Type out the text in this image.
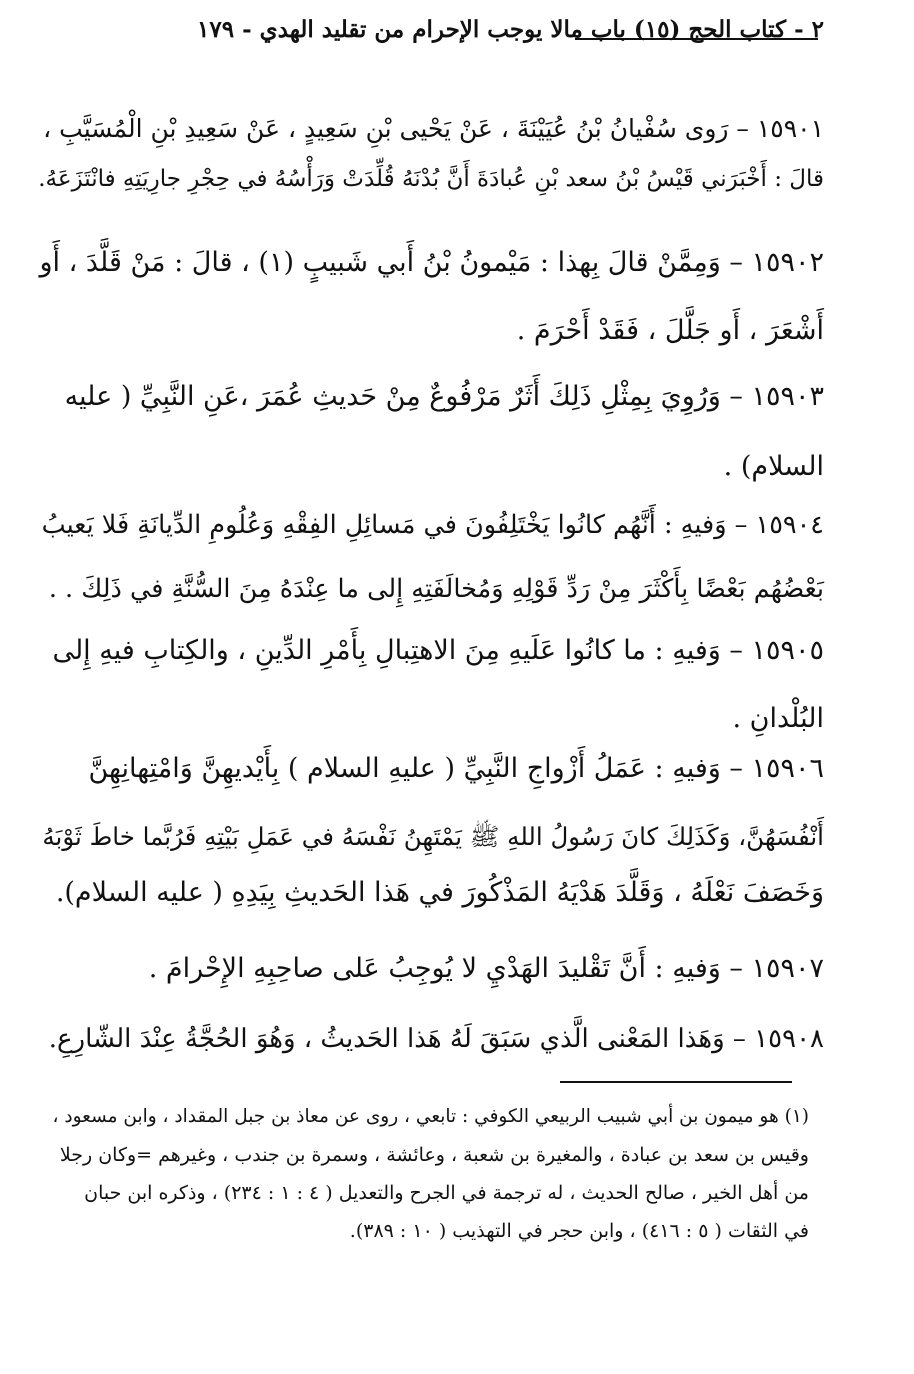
٢ - كتاب الحج (١٥) باب مالا يوجب الإحرام من تقليد الهدي - ١٧٩
١٥٩٠١ – رَوى سُفْيانُ بْنُ عُيَيْنَةَ ، عَنْ يَحْيى بْنِ سَعِيدٍ ، عَنْ سَعِيدِ بْنِ الْمُسَيَّبِ ،
قالَ : أَخْبَرَني قَيْسُ بْنُ سعد بْنِ عُبادَةَ أَنَّ بُدْنَهُ قُلِّدَتْ وَرَأْسُهُ في حِجْرِ جارِيَتِهِ فانْتَزَعَهُ.
١٥٩٠٢ – وَمِمَّنْ قالَ بِهذا : مَيْمونُ بْنُ أَبي شَبيبٍ (١) ، قالَ : مَنْ قَلَّدَ ، أَو
أَشْعَرَ ، أَو جَلَّلَ ، فَقَدْ أَحْرَمَ .
١٥٩٠٣ – وَرُوِيَ بِمِثْلِ ذَلِكَ أَثَرٌ مَرْفُوعٌ مِنْ حَديثِ عُمَرَ ،عَنِ النَّبِيِّ ( عليه
السلام) .
١٥٩٠٤ – وَفيهِ : أَنَّهُم كانُوا يَخْتَلِفُونَ في مَسائِلِ الفِقْهِ وَعُلُومِ الدِّيانَةِ فَلا يَعيبُ
بَعْضُهُم بَعْضًا بِأَكْثَرَ مِنْ رَدِّ قَوْلِهِ وَمُخالَفَتِهِ إِلى ما عِنْدَهُ مِنَ السُّنَّةِ في ذَلِكَ . .
١٥٩٠٥ – وَفيهِ : ما كانُوا عَلَيهِ مِنَ الاهتِبالِ بِأَمْرِ الدِّينِ ، والكِتابِ فيهِ إِلى
البُلْدانِ .
١٥٩٠٦ – وَفيهِ : عَمَلُ أَزْواجِ النَّبِيِّ ( عليهِ السلام ) بِأَيْديهِنَّ وَامْتِهانِهِنَّ
أَنْفُسَهُنَّ، وَكَذَلِكَ كانَ رَسُولُ اللهِ ﷺ يَمْتَهِنُ نَفْسَهُ في عَمَلِ بَيْتِهِ فَرُبَّما خاطَ ثَوْبَهُ
وَخَصَفَ نَعْلَهُ ، وَقَلَّدَ هَدْيَهُ المَذْكُورَ في هَذا الحَديثِ بِيَدِهِ ( عليه السلام).
١٥٩٠٧ – وَفيهِ : أَنَّ تَقْليدَ الهَدْيِ لا يُوجِبُ عَلى صاحِبِهِ الإِحْرامَ .
١٥٩٠٨ – وَهَذا المَعْنى الَّذي سَبَقَ لَهُ هَذا الحَديثُ ، وَهُوَ الحُجَّةُ عِنْدَ الشّارِعِ.
(١) هو ميمون بن أبي شبيب الربيعي الكوفي : تابعي ، روى عن معاذ بن جبل المقداد ، وابن مسعود ،
وقيس بن سعد بن عبادة ، والمغيرة بن شعبة ، وعائشة ، وسمرة بن جندب ، وغيرهم =وكان رجلا
من أهل الخير ، صالح الحديث ، له ترجمة في الجرح والتعديل ( ٤ : ١ : ٢٣٤) ، وذكره ابن حبان
في الثقات ( ٥ : ٤١٦) ، وابن حجر في التهذيب ( ١٠ : ٣٨٩).
